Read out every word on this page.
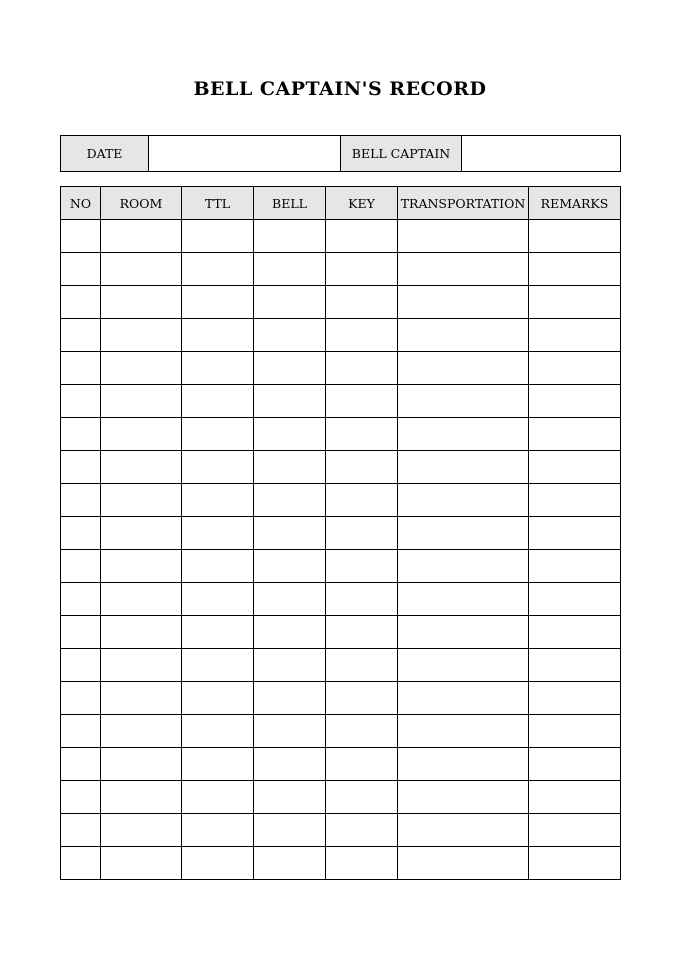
BELL CAPTAIN'S RECORD
DATE		BELL CAPTAIN	
NO	ROOM	TTL	BELL	KEY	TRANSPORTATION	REMARKS
